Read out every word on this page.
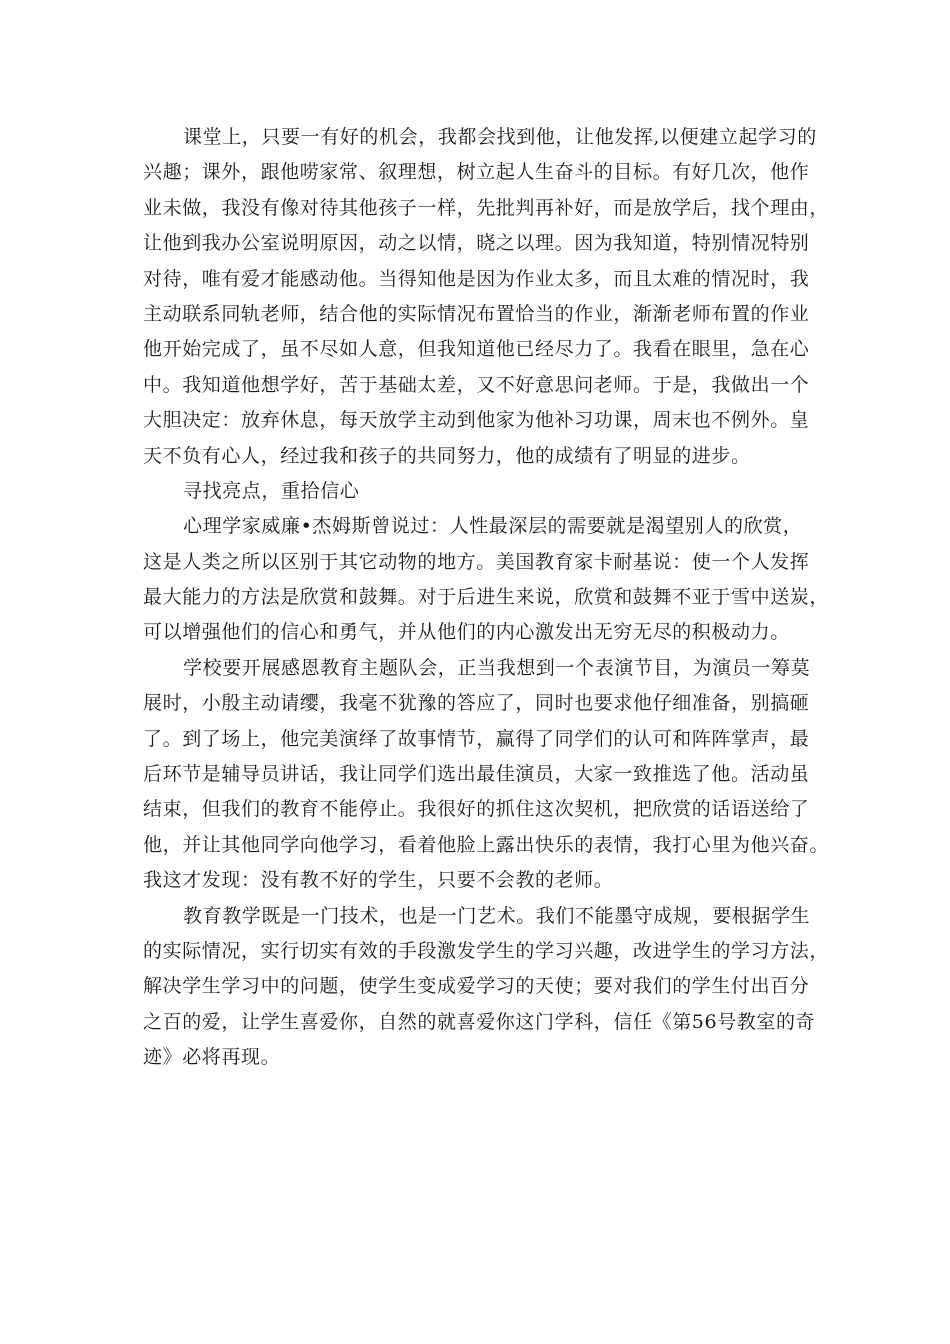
课堂上，只要一有好的机会，我都会找到他，让他发挥,以便建立起学习的
兴趣；课外，跟他唠家常、叙理想，树立起人生奋斗的目标。有好几次，他作
业未做，我没有像对待其他孩子一样，先批判再补好，而是放学后，找个理由，
让他到我办公室说明原因，动之以情，晓之以理。因为我知道，特别情况特别
对待，唯有爱才能感动他。当得知他是因为作业太多，而且太难的情况时，我
主动联系同轨老师，结合他的实际情况布置恰当的作业，渐渐老师布置的作业
他开始完成了，虽不尽如人意，但我知道他已经尽力了。我看在眼里，急在心
中。我知道他想学好，苦于基础太差，又不好意思问老师。于是，我做出一个
大胆决定：放弃休息，每天放学主动到他家为他补习功课，周末也不例外。皇
天不负有心人，经过我和孩子的共同努力，他的成绩有了明显的进步。
寻找亮点，重拾信心
心理学家威廉•杰姆斯曾说过：人性最深层的需要就是渴望别人的欣赏，
这是人类之所以区别于其它动物的地方。美国教育家卡耐基说：使一个人发挥
最大能力的方法是欣赏和鼓舞。对于后进生来说，欣赏和鼓舞不亚于雪中送炭，
可以增强他们的信心和勇气，并从他们的内心激发出无穷无尽的积极动力。
学校要开展感恩教育主题队会，正当我想到一个表演节目，为演员一筹莫
展时，小殷主动请缨，我毫不犹豫的答应了，同时也要求他仔细准备，别搞砸
了。到了场上，他完美演绎了故事情节，赢得了同学们的认可和阵阵掌声，最
后环节是辅导员讲话，我让同学们选出最佳演员，大家一致推选了他。活动虽
结束，但我们的教育不能停止。我很好的抓住这次契机，把欣赏的话语送给了
他，并让其他同学向他学习，看着他脸上露出快乐的表情，我打心里为他兴奋。
我这才发现：没有教不好的学生，只要不会教的老师。
教育教学既是一门技术，也是一门艺术。我们不能墨守成规，要根据学生
的实际情况，实行切实有效的手段激发学生的学习兴趣，改进学生的学习方法，
解决学生学习中的问题，使学生变成爱学习的天使；要对我们的学生付出百分
之百的爱，让学生喜爱你，自然的就喜爱你这门学科，信任《第56号教室的奇
迹》必将再现。
